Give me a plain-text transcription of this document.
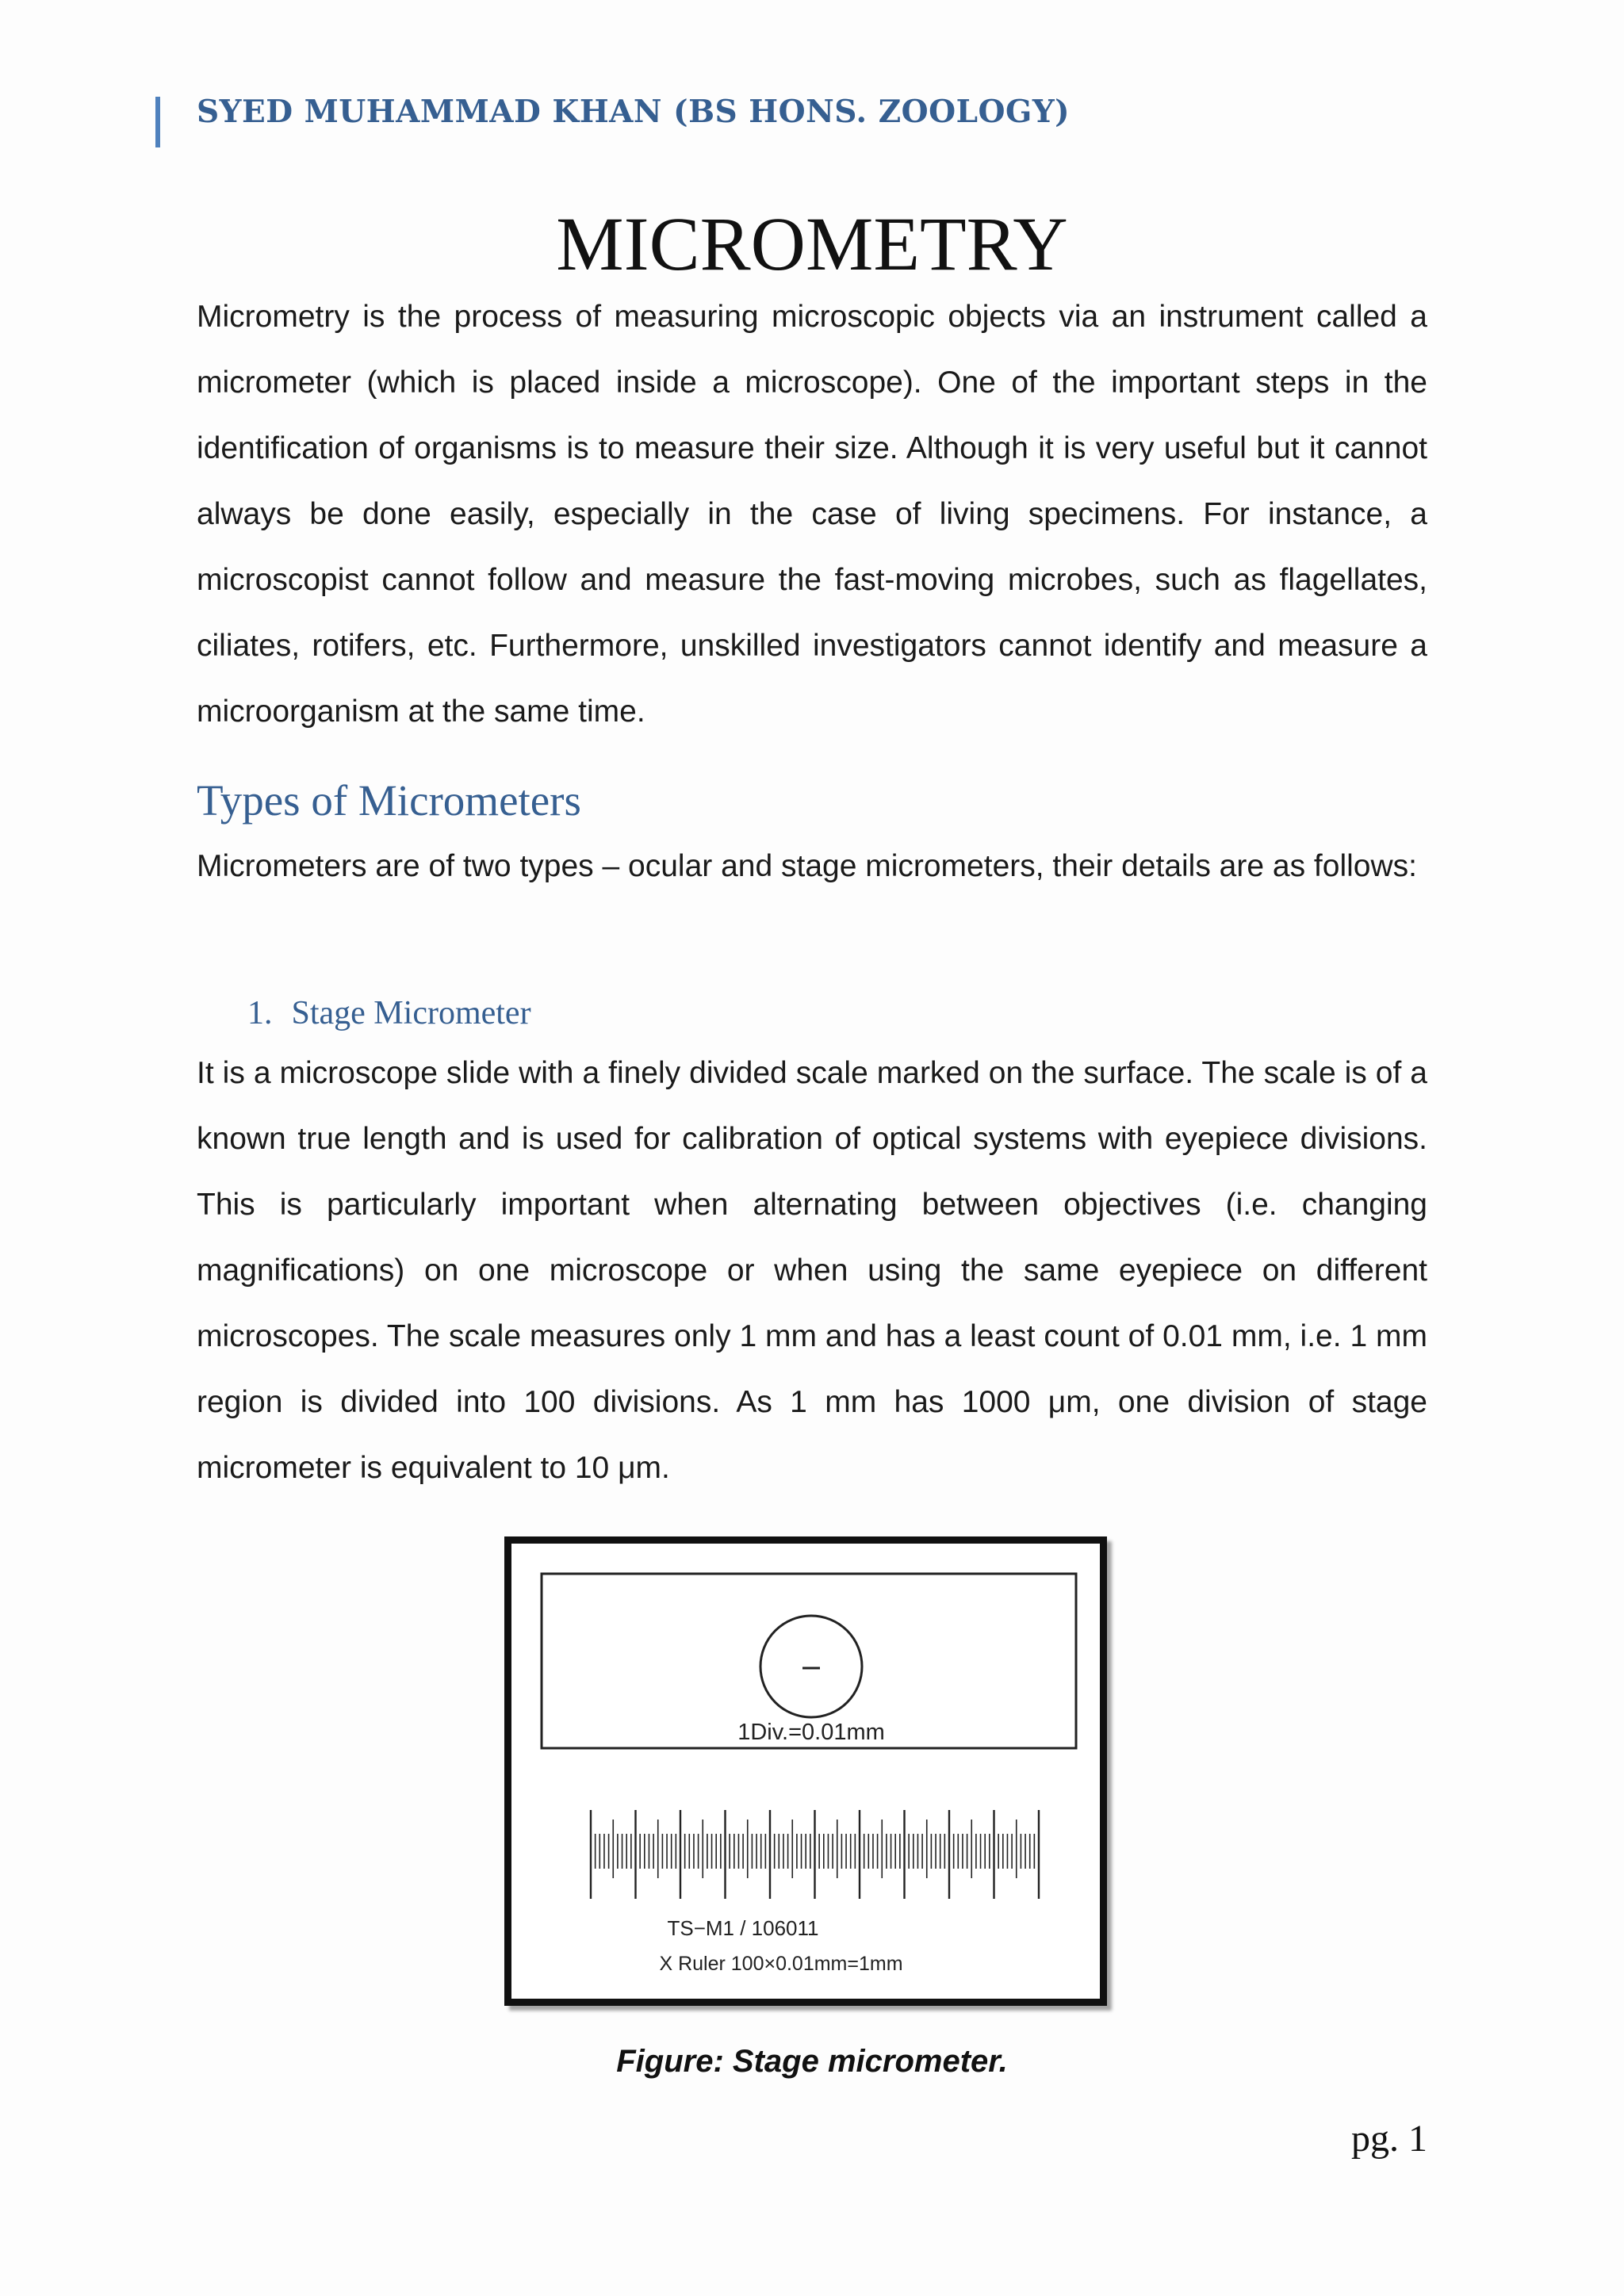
SYED MUHAMMAD KHAN (BS HONS. ZOOLOGY)
MICROMETRY

Micrometry is the process of measuring microscopic objects via an instrument called a micrometer (which is placed inside a microscope). One of the important steps in the identification of organisms is to measure their size. Although it is very useful but it cannot always be done easily, especially in the case of living specimens. For instance, a microscopist cannot follow and measure the fast-moving microbes, such as flagellates, ciliates, rotifers, etc. Furthermore, unskilled investigators cannot identify and measure a microorganism at the same time.

Types of Micrometers

Micrometers are of two types – ocular and stage micrometers, their details are as follows:

1. Stage Micrometer

It is a microscope slide with a finely divided scale marked on the surface. The scale is of a known true length and is used for calibration of optical systems with eyepiece divisions. This is particularly important when alternating between objectives (i.e. changing magnifications) on one microscope or when using the same eyepiece on different microscopes. The scale measures only 1 mm and has a least count of 0.01 mm, i.e. 1 mm region is divided into 100 divisions. As 1 mm has 1000 μm, one division of stage micrometer is equivalent to 10 μm.

1Div.=0.01mm
TS−M1 / 106011
X Ruler 100×0.01mm=1mm
Figure: Stage micrometer.
pg. 1
